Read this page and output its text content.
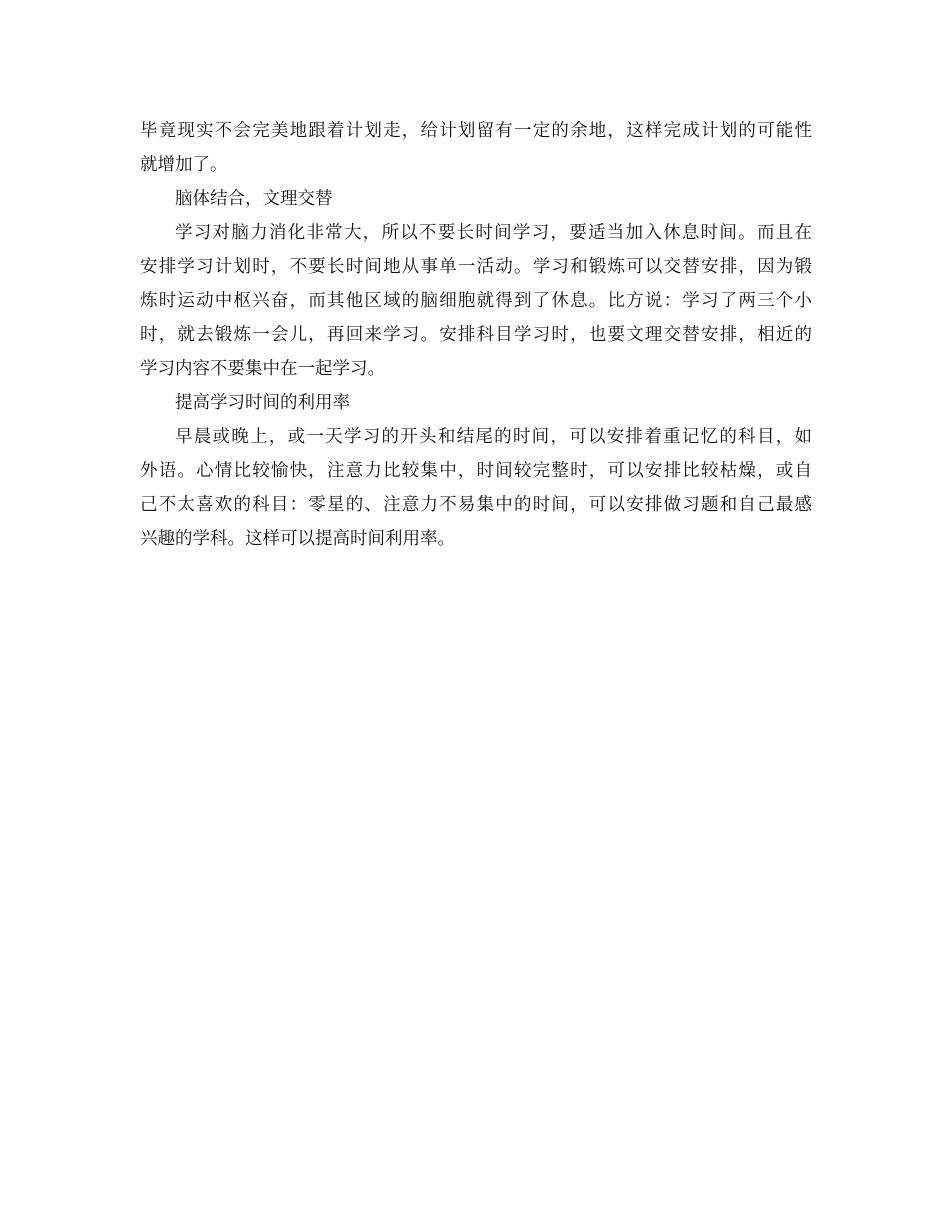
毕竟现实不会完美地跟着计划走，给计划留有一定的余地，这样完成计划的可能性
就增加了。
脑体结合，文理交替
学习对脑力消化非常大，所以不要长时间学习，要适当加入休息时间。而且在
安排学习计划时，不要长时间地从事单一活动。学习和锻炼可以交替安排，因为锻
炼时运动中枢兴奋，而其他区域的脑细胞就得到了休息。比方说：学习了两三个小
时，就去锻炼一会儿，再回来学习。安排科目学习时，也要文理交替安排，相近的
学习内容不要集中在一起学习。
提高学习时间的利用率
早晨或晚上，或一天学习的开头和结尾的时间，可以安排着重记忆的科目，如
外语。心情比较愉快，注意力比较集中，时间较完整时，可以安排比较枯燥，或自
己不太喜欢的科目：零星的、注意力不易集中的时间，可以安排做习题和自己最感
兴趣的学科。这样可以提高时间利用率。
